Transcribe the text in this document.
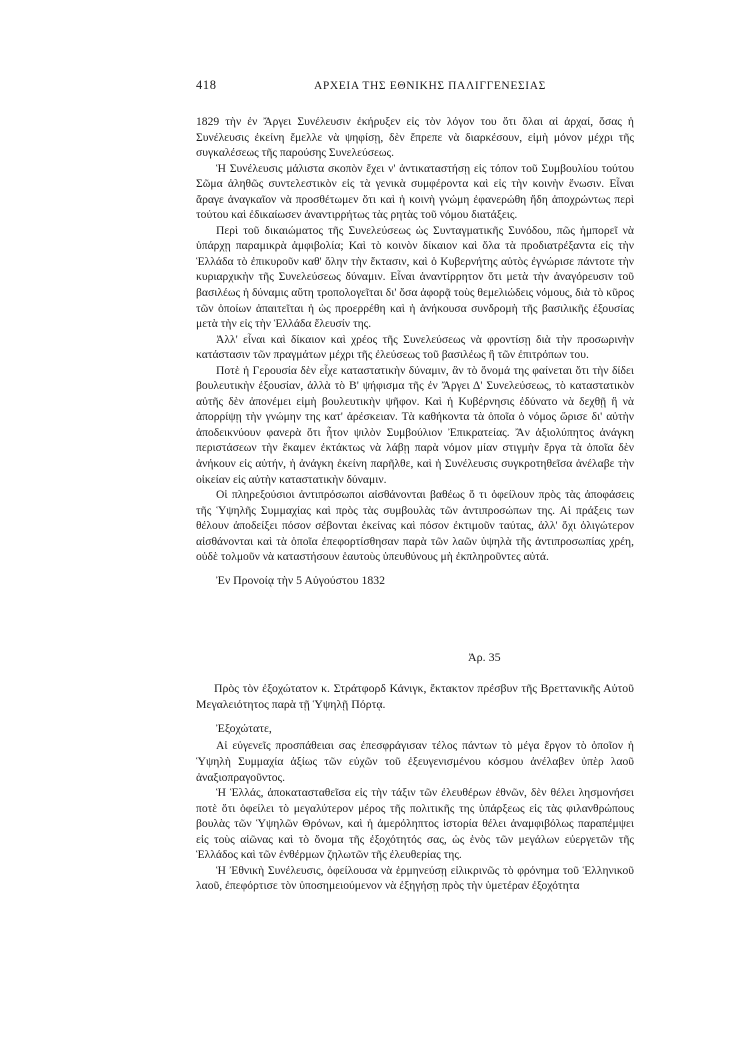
418	ΑΡΧΕΙΑ ΤΗΣ ΕΘΝΙΚΗΣ ΠΑΛΙΓΓΕΝΕΣΙΑΣ

1829 τὴν ἐν Ἄργει Συνέλευσιν ἐκήρυξεν εἰς τὸν λόγον του ὅτι ὅλαι αἱ ἀρχαί, ὅσας ἡ Συνέλευσις ἐκείνη ἔμελλε νὰ ψηφίσῃ, δὲν ἔπρεπε νὰ διαρκέσουν, εἰμὴ μόνον μέχρι τῆς συγκαλέσεως τῆς παρούσης Συνελεύσεως.

Ἡ Συνέλευσις μάλιστα σκοπὸν ἔχει ν' ἀντικαταστήσῃ εἰς τόπον τοῦ Συμβουλίου τούτου Σῶμα ἀληθῶς συντελεστικὸν εἰς τὰ γενικὰ συμφέροντα καὶ εἰς τὴν κοινὴν ἕνωσιν. Εἶναι ἄραγε ἀναγκαῖον νὰ προσθέτωμεν ὅτι καὶ ἡ κοινὴ γνώμη ἐφανερώθη ἤδη ἀποχρώντως περὶ τούτου καὶ ἐδικαίωσεν ἀναντιρρήτως τὰς ρητὰς τοῦ νόμου διατάξεις.

Περὶ τοῦ δικαιώματος τῆς Συνελεύσεως ὡς Συνταγματικῆς Συνόδου, πῶς ἠμπορεῖ νὰ ὑπάρχῃ παραμικρὰ ἀμφιβολία; Καὶ τὸ κοινὸν δίκαιον καὶ ὅλα τὰ προδιατρέξαντα εἰς τὴν Ἑλλάδα τὸ ἐπικυροῦν καθ' ὅλην τὴν ἔκτασιν, καὶ ὁ Κυβερνήτης αὐτὸς ἐγνώρισε πάντοτε τὴν κυριαρχικὴν τῆς Συνελεύσεως δύναμιν. Εἶναι ἀναντίρρητον ὅτι μετὰ τὴν ἀναγόρευσιν τοῦ βασιλέως ἡ δύναμις αὕτη τροπολογεῖται δι' ὅσα ἀφορᾷ τοὺς θεμελιώδεις νόμους, διὰ τὸ κῦρος τῶν ὁποίων ἀπαιτεῖται ἡ ὡς προερρέθη καὶ ἡ ἀνήκουσα συνδρομὴ τῆς βασιλικῆς ἐξουσίας μετὰ τὴν εἰς τὴν Ἑλλάδα ἔλευσίν της.

Ἀλλ' εἶναι καὶ δίκαιον καὶ χρέος τῆς Συνελεύσεως νὰ φροντίσῃ διὰ τὴν προσωρινὴν κατάστασιν τῶν πραγμάτων μέχρι τῆς ἐλεύσεως τοῦ βασιλέως ἢ τῶν ἐπιτρόπων του.

Ποτὲ ἡ Γερουσία δὲν εἶχε καταστατικὴν δύναμιν, ἂν τὸ ὄνομά της φαίνεται ὅτι τὴν δίδει βουλευτικὴν ἐξουσίαν, ἀλλὰ τὸ Β' ψήφισμα τῆς ἐν Ἄργει Δ' Συνελεύσεως, τὸ καταστατικὸν αὐτῆς δὲν ἀπονέμει εἰμὴ βουλευτικὴν ψῆφον. Καὶ ἡ Κυβέρνησις ἐδύνατο νὰ δεχθῇ ἢ νὰ ἀπορρίψῃ τὴν γνώμην της κατ' ἀρέσκειαν. Τὰ καθήκοντα τὰ ὁποῖα ὁ νόμος ὥρισε δι' αὐτὴν ἀποδεικνύουν φανερὰ ὅτι ἦτον ψιλὸν Συμβούλιον Ἐπικρατείας. Ἂν ἀξιολύπητος ἀνάγκη περιστάσεων τὴν ἔκαμεν ἐκτάκτως νὰ λάβῃ παρὰ νόμον μίαν στιγμὴν ἔργα τὰ ὁποῖα δὲν ἀνήκουν εἰς αὐτήν, ἡ ἀνάγκη ἐκείνη παρῆλθε, καὶ ἡ Συνέλευσις συγκροτηθεῖσα ἀνέλαβε τὴν οἰκείαν εἰς αὐτὴν καταστατικὴν δύναμιν.

Οἱ πληρεξούσιοι ἀντιπρόσωποι αἰσθάνονται βαθέως ὅ τι ὀφείλουν πρὸς τὰς ἀποφάσεις τῆς Ὑψηλῆς Συμμαχίας καὶ πρὸς τὰς συμβουλὰς τῶν ἀντιπροσώπων της. Αἱ πράξεις των θέλουν ἀποδείξει πόσον σέβονται ἐκείνας καὶ πόσον ἐκτιμοῦν ταύτας, ἀλλ' ὄχι ὀλιγώτερον αἰσθάνονται καὶ τὰ ὁποῖα ἐπεφορτίσθησαν παρὰ τῶν λαῶν ὑψηλὰ τῆς ἀντιπροσωπίας χρέη, οὐδὲ τολμοῦν νὰ καταστήσουν ἑαυτοὺς ὑπευθύνους μὴ ἐκπληροῦντες αὐτά.

Ἐν Προνοίᾳ τὴν 5 Αὐγούστου 1832

Ἀρ. 35

Πρὸς τὸν ἐξοχώτατον κ. Στράτφορδ Κάνιγκ, ἔκτακτον πρέσβυν τῆς Βρεττανικῆς Αὐτοῦ Μεγαλειότητος παρὰ τῇ Ὑψηλῇ Πόρτᾳ.

Ἐξοχώτατε,

Αἱ εὐγενεῖς προσπάθειαι σας ἐπεσφράγισαν τέλος πάντων τὸ μέγα ἔργον τὸ ὁποῖον ἡ Ὑψηλὴ Συμμαχία ἀξίως τῶν εὐχῶν τοῦ ἐξευγενισμένου κόσμου ἀνέλαβεν ὑπὲρ λαοῦ ἀναξιοπραγοῦντος.

Ἡ Ἑλλάς, ἀποκατασταθεῖσα εἰς τὴν τάξιν τῶν ἐλευθέρων ἐθνῶν, δὲν θέλει λησμονήσει ποτὲ ὅτι ὀφείλει τὸ μεγαλύτερον μέρος τῆς πολιτικῆς της ὑπάρξεως εἰς τὰς φιλανθρώπους βουλὰς τῶν Ὑψηλῶν Θρόνων, καὶ ἡ ἀμερόληπτος ἱστορία θέλει ἀναμφιβόλως παραπέμψει εἰς τοὺς αἰῶνας καὶ τὸ ὄνομα τῆς ἐξοχότητός σας, ὡς ἑνὸς τῶν μεγάλων εὐεργετῶν τῆς Ἑλλάδος καὶ τῶν ἐνθέρμων ζηλωτῶν τῆς ἐλευθερίας της.

Ἡ Ἐθνικὴ Συνέλευσις, ὀφείλουσα νὰ ἑρμηνεύσῃ εἰλικρινῶς τὸ φρόνημα τοῦ Ἑλληνικοῦ λαοῦ, ἐπεφόρτισε τὸν ὑποσημειούμενον νὰ ἐξηγήσῃ πρὸς τὴν ὑμετέραν ἐξοχότητα
